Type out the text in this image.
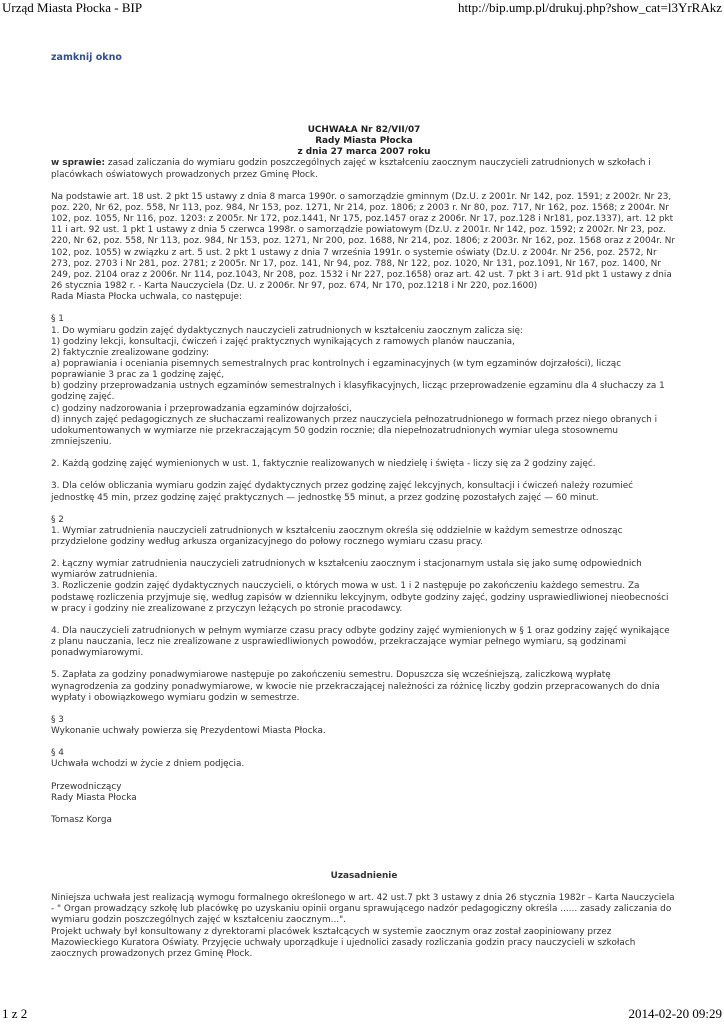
Urząd Miasta Płocka - BIP	http://bip.ump.pl/drukuj.php?show_cat=l3YrRAkz
zamknij okno
UCHWAŁA Nr 82/VII/07
Rady Miasta Płocka
z dnia 27 marca 2007 roku

w sprawie: zasad zaliczania do wymiaru godzin poszczególnych zajęć w kształceniu zaocznym nauczycieli zatrudnionych w szkołach i placówkach oświatowych prowadzonych przez Gminę Płock.

Na podstawie art. 18 ust. 2 pkt 15 ustawy z dnia 8 marca 1990r. o samorządzie gminnym (Dz.U. z 2001r. Nr 142, poz. 1591; z 2002r. Nr 23, poz. 220, Nr 62, poz. 558, Nr 113, poz. 984, Nr 153, poz. 1271, Nr 214, poz. 1806; z 2003 r. Nr 80, poz. 717, Nr 162, poz. 1568; z 2004r. Nr 102, poz. 1055, Nr 116, poz. 1203: z 2005r. Nr 172, poz.1441, Nr 175, poz.1457 oraz z 2006r. Nr 17, poz.128 i Nr181, poz.1337), art. 12 pkt 11 i art. 92 ust. 1 pkt 1 ustawy z dnia 5 czerwca 1998r. o samorządzie powiatowym (Dz.U. z 2001r. Nr 142, poz. 1592; z 2002r. Nr 23, poz. 220, Nr 62, poz. 558, Nr 113, poz. 984, Nr 153, poz. 1271, Nr 200, poz. 1688, Nr 214, poz. 1806; z 2003r. Nr 162, poz. 1568 oraz z 2004r. Nr 102, poz. 1055) w związku z art. 5 ust. 2 pkt 1 ustawy z dnia 7 września 1991r. o systemie oświaty (Dz.U. z 2004r. Nr 256, poz. 2572, Nr 273, poz. 2703 i Nr 281, poz. 2781; z 2005r. Nr 17, poz. 141, Nr 94, poz. 788, Nr 122, poz. 1020, Nr 131, poz.1091, Nr 167, poz. 1400, Nr 249, poz. 2104 oraz z 2006r. Nr 114, poz.1043, Nr 208, poz. 1532 i Nr 227, poz.1658) oraz art. 42 ust. 7 pkt 3 i art. 91d pkt 1 ustawy z dnia 26 stycznia 1982 r. - Karta Nauczyciela (Dz. U. z 2006r. Nr 97, poz. 674, Nr 170, poz.1218 i Nr 220, poz.1600)
Rada Miasta Płocka uchwala, co następuje:

§ 1
1. Do wymiaru godzin zajęć dydaktycznych nauczycieli zatrudnionych w kształceniu zaocznym zalicza się:
1) godziny lekcji, konsultacji, ćwiczeń i zajęć praktycznych wynikających z ramowych planów nauczania,
2) faktycznie zrealizowane godziny:
a) poprawiania i oceniania pisemnych semestralnych prac kontrolnych i egzaminacyjnych (w tym egzaminów dojrzałości), licząc poprawianie 3 prac za 1 godzinę zajęć,
b) godziny przeprowadzania ustnych egzaminów semestralnych i klasyfikacyjnych, licząc przeprowadzenie egzaminu dla 4 słuchaczy za 1 godzinę zajęć.
c) godziny nadzorowania i przeprowadzania egzaminów dojrzałości,
d) innych zajęć pedagogicznych ze słuchaczami realizowanych przez nauczyciela pełnozatrudnionego w formach przez niego obranych i udokumentowanych w wymiarze nie przekraczającym 50 godzin rocznie; dla niepełnozatrudnionych wymiar ulega stosownemu zmniejszeniu.

2. Każdą godzinę zajęć wymienionych w ust. 1, faktycznie realizowanych w niedzielę i święta - liczy się za 2 godziny zajęć.

3. Dla celów obliczania wymiaru godzin zajęć dydaktycznych przez godzinę zajęć lekcyjnych, konsultacji i ćwiczeń należy rozumieć jednostkę 45 min, przez godzinę zajęć praktycznych — jednostkę 55 minut, a przez godzinę pozostałych zajęć — 60 minut.

§ 2
1. Wymiar zatrudnienia nauczycieli zatrudnionych w kształceniu zaocznym określa się oddzielnie w każdym semestrze odnosząc przydzielone godziny według arkusza organizacyjnego do połowy rocznego wymiaru czasu pracy.

2. Łączny wymiar zatrudnienia nauczycieli zatrudnionych w kształceniu zaocznym i stacjonarnym ustala się jako sumę odpowiednich wymiarów zatrudnienia.
3. Rozliczenie godzin zajęć dydaktycznych nauczycieli, o których mowa w ust. 1 i 2 następuje po zakończeniu każdego semestru. Za podstawę rozliczenia przyjmuje się, według zapisów w dzienniku lekcyjnym, odbyte godziny zajęć, godziny usprawiedliwionej nieobecności w pracy i godziny nie zrealizowane z przyczyn leżących po stronie pracodawcy.

4. Dla nauczycieli zatrudnionych w pełnym wymiarze czasu pracy odbyte godziny zajęć wymienionych w § 1 oraz godziny zajęć wynikające z planu nauczania, lecz nie zrealizowane z usprawiedliwionych powodów, przekraczające wymiar pełnego wymiaru, są godzinami ponadwymiarowymi.

5. Zapłata za godziny ponadwymiarowe następuje po zakończeniu semestru. Dopuszcza się wcześniejszą, zaliczkową wypłatę wynagrodzenia za godziny ponadwymiarowe, w kwocie nie przekraczającej należności za różnicę liczby godzin przepracowanych do dnia wypłaty i obowiązkowego wymiaru godzin w semestrze.

§ 3
Wykonanie uchwały powierza się Prezydentowi Miasta Płocka.

§ 4
Uchwała wchodzi w życie z dniem podjęcia.

Przewodniczący
Rady Miasta Płocka

Tomasz Korga

Uzasadnienie

Niniejsza uchwała jest realizacją wymogu formalnego określonego w art. 42 ust.7 pkt 3 ustawy z dnia 26 stycznia 1982r – Karta Nauczyciela - " Organ prowadzący szkołę lub placówkę po uzyskaniu opinii organu sprawującego nadzór pedagogiczny określa ...... zasady zaliczania do wymiaru godzin poszczególnych zajęć w kształceniu zaocznym...".
Projekt uchwały był konsultowany z dyrektorami placówek kształcących w systemie zaocznym oraz został zaopiniowany przez Mazowieckiego Kuratora Oświaty. Przyjęcie uchwały uporządkuje i ujednolici zasady rozliczania godzin pracy nauczycieli w szkołach zaocznych prowadzonych przez Gminę Płock.

1 z 2	2014-02-20 09:29
